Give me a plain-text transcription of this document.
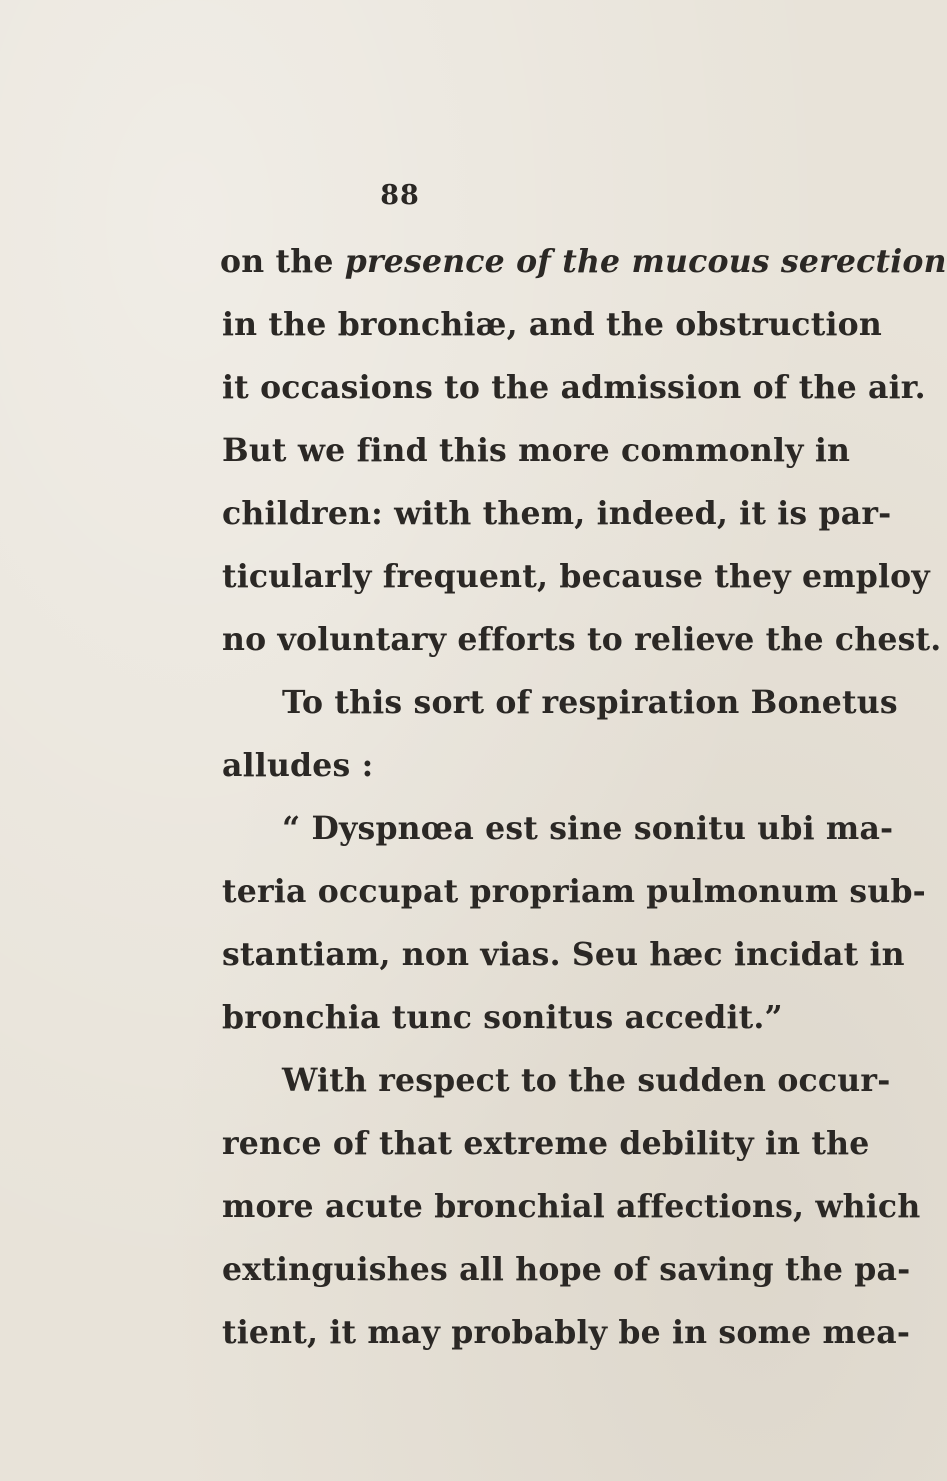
88
on the presence of the mucous serection
in the bronchiæ, and the obstruction
it occasions to the admission of the air.
But we find this more commonly in
children: with them, indeed, it is par-
ticularly frequent, because they employ
no voluntary efforts to relieve the chest.
To this sort of respiration Bonetus
alludes :
“ Dyspnœa est sine sonitu ubi ma-
teria occupat propriam pulmonum sub-
stantiam, non vias. Seu hæc incidat in
bronchia tunc sonitus accedit.”
With respect to the sudden occur-
rence of that extreme debility in the
more acute bronchial affections, which
extinguishes all hope of saving the pa-
tient, it may probably be in some mea-
